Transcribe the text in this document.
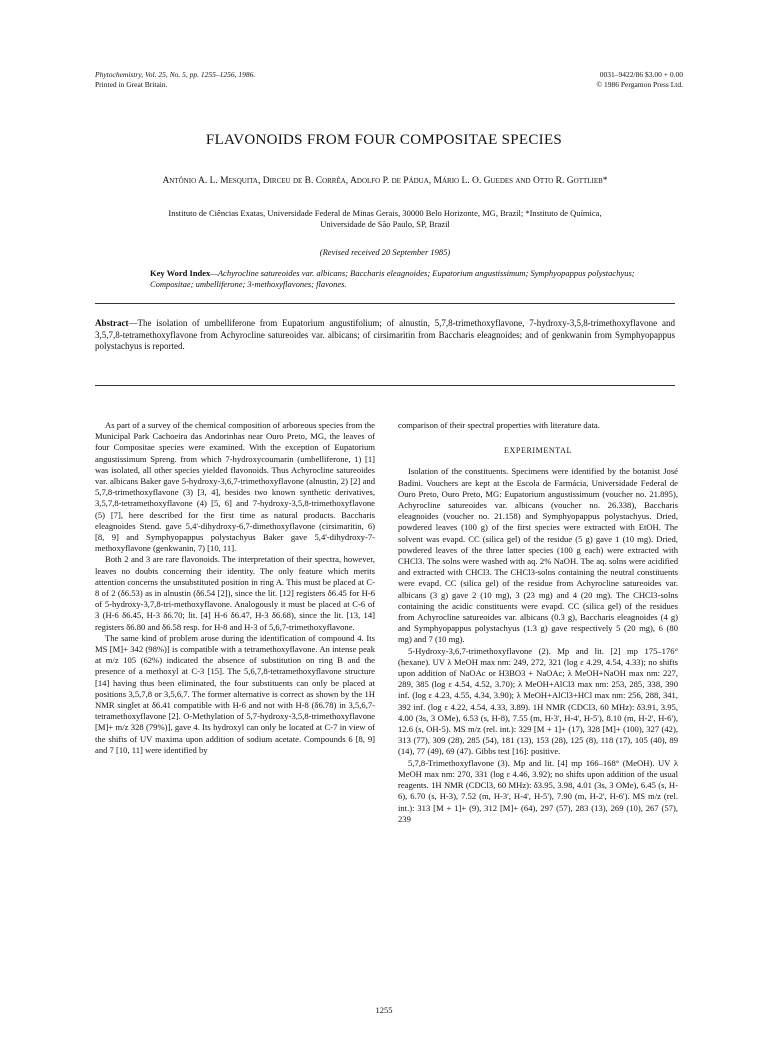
Phytochemistry, Vol. 25, No. 5, pp. 1255–1256, 1986.
Printed in Great Britain.
0031–9422/86 $3.00 + 0.00
© 1986 Pergamon Press Ltd.
FLAVONOIDS FROM FOUR COMPOSITAE SPECIES
Antônio A. L. Mesquita, Dirceu de B. Corrêa, Adolfo P. de Pádua, Mário L. O. Guedes and Otto R. Gottlieb*
Instituto de Ciências Exatas, Universidade Federal de Minas Gerais, 30000 Belo Horizonte, MG, Brazil; *Instituto de Química,
Universidade de São Paulo, SP, Brazil
(Revised received 20 September 1985)
Key Word Index—Achyrocline satureoides var. albicans; Baccharis eleagnoides; Eupatorium angustissimum; Symphyopappus polystachyus; Compositae; umbelliferone; 3-methoxyflavones; flavones.
Abstract—The isolation of umbelliferone from Eupatorium angustifolium; of alnustin, 5,7,8-trimethoxyflavone, 7-hydroxy-3,5,8-trimethoxyflavone and 3,5,7,8-tetramethoxyflavone from Achyrocline satureoides var. albicans; of cirsimaritin from Baccharis eleagnoides; and of genkwanin from Symphyopappus polystachyus is reported.

As part of a survey of the chemical composition of arboreous species from the Municipal Park Cachoeira das Andorinhas near Ouro Preto, MG, the leaves of four Compositae species were examined. With the exception of Eupatorium angustissimum Spreng. from which 7-hydroxycoumarin (umbelliferone, 1) [1] was isolated, all other species yielded flavonoids. Thus Achyrocline satureoides var. albicans Baker gave 5-hydroxy-3,6,7-trimethoxyflavone (alnustin, 2) [2] and 5,7,8-trimethoxyflavone (3) [3, 4], besides two known synthetic derivatives, 3,5,7,8-tetramethoxyflavone (4) [5, 6] and 7-hydroxy-3,5,8-trimethoxyflavone (5) [7], here described for the first time as natural products. Baccharis eleagnoides Stend. gave 5,4'-dihydroxy-6,7-dimethoxyflavone (cirsimaritin, 6) [8, 9] and Symphyopappus polystachyus Baker gave 5,4'-dihydroxy-7-methoxyflavone (genkwanin, 7) [10, 11].

Both 2 and 3 are rare flavonoids. The interpretation of their spectra, however, leaves no doubts concerning their identity. The only feature which merits attention concerns the unsubstituted position in ring A. This must be placed at C-8 of 2 (δ6.53) as in alnustin (δ6.54 [2]), since the lit. [12] registers δ6.45 for H-6 of 5-hydroxy-3,7,8-tri-methoxyflavone. Analogously it must be placed at C-6 of 3 (H-6 δ6.45, H-3 δ6.70; lit. [4] H-6 δ6.47, H-3 δ6.68), since the lit. [13, 14] registers δ6.80 and δ6.58 resp. for H-8 and H-3 of 5,6,7-trimethoxyflavone.

The same kind of problem arose during the identification of compound 4. Its MS [M]+ 342 (98%)] is compatible with a tetramethoxyflavone. An intense peak at m/z 105 (62%) indicated the absence of substitution on ring B and the presence of a methoxyl at C-3 [15]. The 5,6,7,8-tetramethoxyflavone structure [14] having thus been eliminated, the four substituents can only be placed at positions 3,5,7,8 or 3,5,6,7. The former alternative is correct as shown by the 1H NMR singlet at δ6.41 compatible with H-6 and not with H-8 (δ6.78) in 3,5,6,7-tetramethoxyflavone [2]. O-Methylation of 5,7-hydroxy-3,5,8-trimethoxyflavone [M]+ m/z 328 (79%)], gave 4. Its hydroxyl can only be located at C-7 in view of the shifts of UV maxima upon addition of sodium acetate. Compounds 6 [8, 9] and 7 [10, 11] were identified by

comparison of their spectral properties with literature data.

EXPERIMENTAL

Isolation of the constituents. Specimens were identified by the botanist José Badini. Vouchers are kept at the Escola de Farmácia, Universidade Federal de Ouro Preto, Ouro Preto, MG: Eupatorium angustissimum (voucher no. 21.895), Achyrocline satureoides var. albicans (voucher no. 26.338), Baccharis eleagnoides (voucher no. 21.158) and Symphyopappus polystachyus. Dried, powdered leaves (100 g) of the first species were extracted with EtOH. The solvent was evapd. CC (silica gel) of the residue (5 g) gave 1 (10 mg). Dried, powdered leaves of the three latter species (100 g each) were extracted with CHCl3. The solns were washed with aq. 2% NaOH. The aq. solns were acidified and extracted with CHCl3. The CHCl3-solns containing the neutral constituents were evapd. CC (silica gel) of the residue from Achyrocline satureoides var. albicans (3 g) gave 2 (10 mg), 3 (23 mg) and 4 (20 mg). The CHCl3-solns containing the acidic constituents were evapd. CC (silica gel) of the residues from Achyrocline satureoides var. albicans (0.3 g), Baccharis eleagnoides (4 g) and Symphyopappus polystachyus (1.3 g) gave respectively 5 (20 mg), 6 (80 mg) and 7 (10 mg).

5-Hydroxy-3,6,7-trimethoxyflavone (2). Mp and lit. [2] mp 175–176° (hexane). UV λ MeOH max nm: 249, 272, 321 (log ε 4.29, 4.54, 4.33); no shifts upon addition of NaOAc or H3BO3 + NaOAc; λ MeOH+NaOH max nm: 227, 289, 385 (log ε 4.54, 4.52, 3.70); λ MeOH+AlCl3 max nm: 253, 285, 338, 390 inf. (log ε 4.23, 4.55, 4.34, 3.90); λ MeOH+AlCl3+HCl max nm: 256, 288, 341, 392 inf. (log ε 4.22, 4.54, 4.33, 3.89). 1H NMR (CDCl3, 60 MHz): δ3.91, 3.95, 4.00 (3s, 3 OMe), 6.53 (s, H-8), 7.55 (m, H-3', H-4', H-5'), 8.10 (m, H-2', H-6'), 12.6 (s, OH-5). MS m/z (rel. int.): 329 [M + 1]+ (17), 328 [M]+ (100), 327 (42), 313 (77), 309 (28), 285 (54), 181 (13), 153 (28), 125 (8), 118 (17), 105 (40), 89 (14), 77 (49), 69 (47). Gibbs test [16]: positive.

5,7,8-Trimethoxyflavone (3). Mp and lit. [4] mp 166–168° (MeOH). UV λ MeOH max nm: 270, 331 (log ε 4.46, 3.92); no shifts upon addition of the usual reagents. 1H NMR (CDCl3, 60 MHz): δ3.95, 3.98, 4.01 (3s, 3 OMe), 6.45 (s, H-6), 6.70 (s, H-3), 7.52 (m, H-3', H-4', H-5'), 7.90 (m, H-2', H-6'). MS m/z (rel. int.): 313 [M + 1]+ (9), 312 [M]+ (64), 297 (57), 283 (13), 269 (10), 267 (57), 239

1255
